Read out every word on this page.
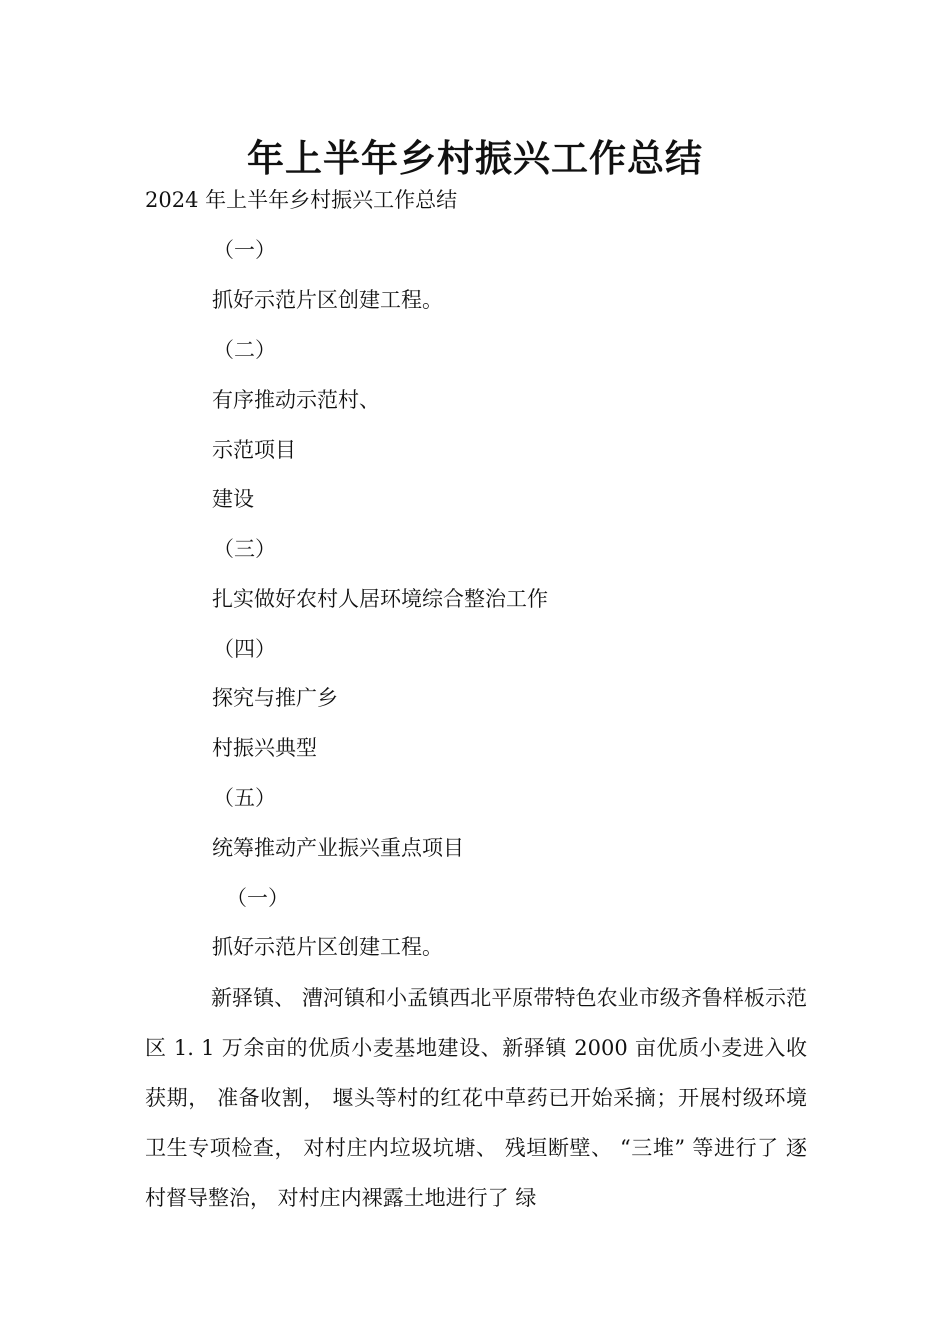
年上半年乡村振兴工作总结
2024 年上半年乡村振兴工作总结
（一）
抓好示范片区创建工程。
（二）
有序推动示范村、
示范项目
建设
（三）
扎实做好农村人居环境综合整治工作
（四）
探究与推广乡
村振兴典型
（五）
统筹推动产业振兴重点项目
（一）
抓好示范片区创建工程。
新驿镇、 漕河镇和小孟镇西北平原带特色农业市级齐鲁样板示范区 1. 1 万余亩的优质小麦基地建设、新驿镇 2000 亩优质小麦进入收获期， 准备收割， 堰头等村的红花中草药已开始采摘；开展村级环境卫生专项检查， 对村庄内垃圾坑塘、 残垣断壁、 “三堆” 等进行了 逐村督导整治， 对村庄内裸露土地进行了 绿
